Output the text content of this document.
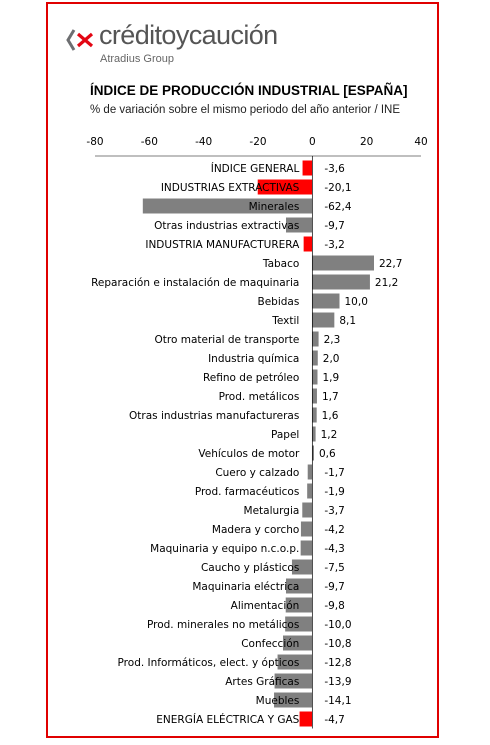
créditoycaución
Atradius Group
ÍNDICE DE PRODUCCIÓN INDUSTRIAL [ESPAÑA]
% de variación sobre el mismo periodo del año anterior / INE
-80	-60	-40	-20	0	20	40
ÍNDICE GENERAL -3,6
INDUSTRIAS EXTRACTIVAS -20,1
Minerales -62,4
Otras industrias extractivas -9,7
INDUSTRIA MANUFACTURERA -3,2
Tabaco	22,7
Reparación e instalación de maquinaria	21,2
Bebidas	10,0
Textil	8,1
Otro material de transporte 2,3
Industria química 2,0
Refino de petróleo 1,9
Prod. metálicos 1,7
Otras industrias manufactureras 1,6
Papel 1,2
Vehículos de motor 0,6
Cuero y calzado -1,7
Prod. farmacéuticos -1,9
Metalurgia -3,7
Madera y corcho -4,2
Maquinaria y equipo n.c.o.p. -4,3
Caucho y plásticos -7,5
Maquinaria eléctrica -9,7
Alimentación -9,8
Prod. minerales no metálicos -10,0
Confección -10,8
Prod. Informáticos, elect. y ópticos -12,8
Artes Gráficas -13,9
Muebles -14,1
ENERGÍA ELÉCTRICA Y GAS -4,7
